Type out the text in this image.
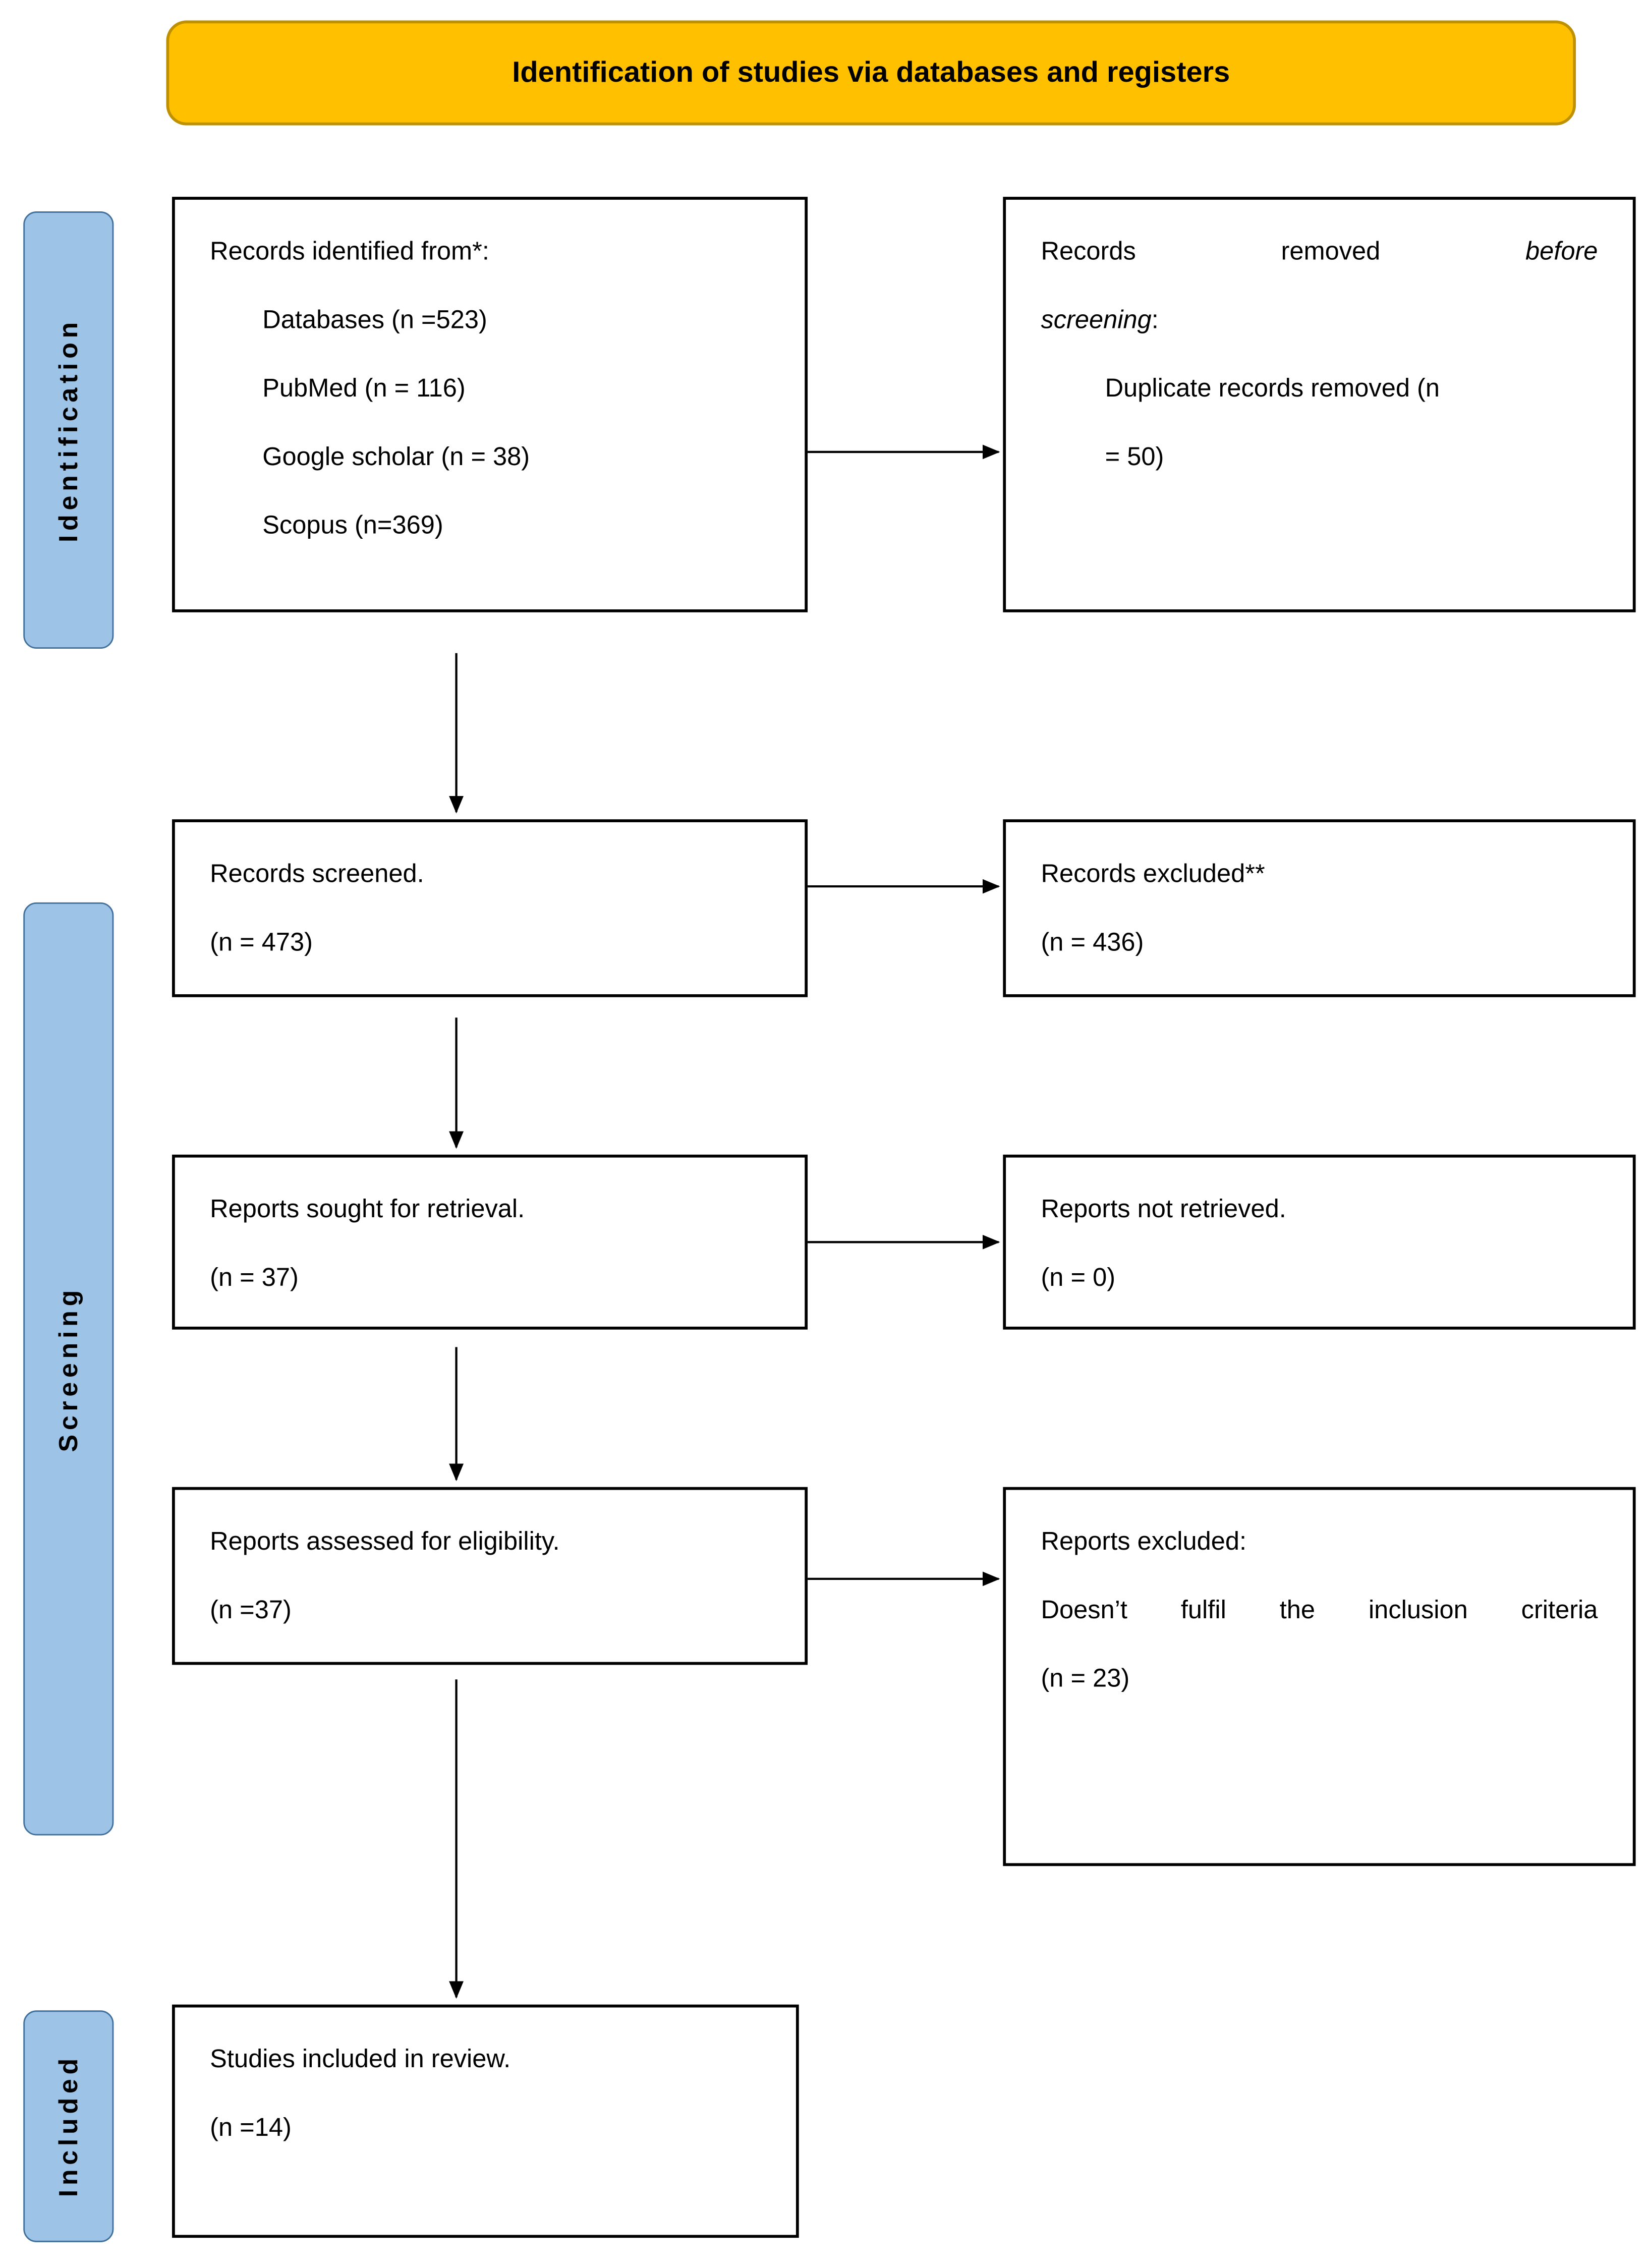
Identification of studies via databases and registers
Identification
Screening
Included
Records identified from*:
Databases (n =523)
PubMed (n = 116)
Google scholar (n = 38)
Scopus (n=369)
Records removed before
screening:
Duplicate records removed (n
= 50)
Records screened.
(n = 473)
Records excluded**
(n = 436)
Reports sought for retrieval.
(n = 37)
Reports not retrieved.
(n = 0)
Reports assessed for eligibility.
(n =37)
Reports excluded:
Doesn’t fulfil the inclusion criteria
(n = 23)
Studies included in review.
(n =14)
